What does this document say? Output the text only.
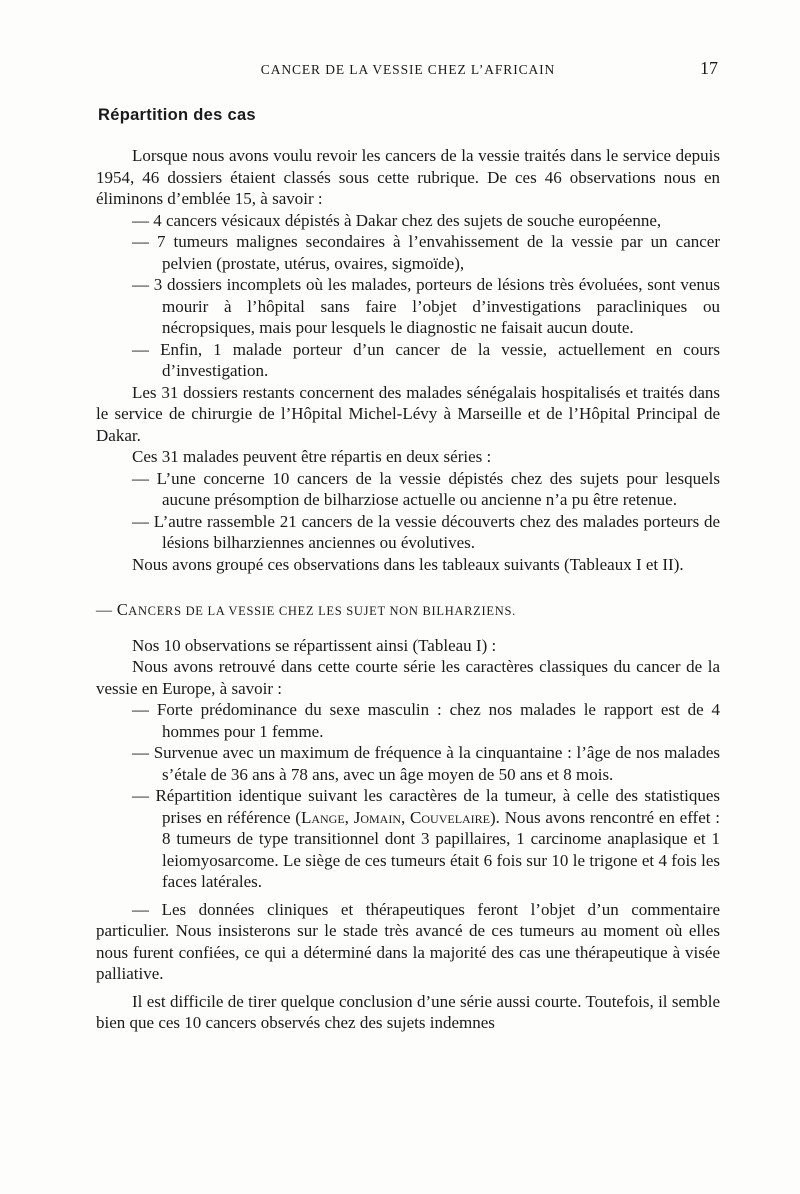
CANCER DE LA VESSIE CHEZ L’AFRICAIN	17
Répartition des cas

Lorsque nous avons voulu revoir les cancers de la vessie traités dans le service depuis 1954, 46 dossiers étaient classés sous cette rubrique. De ces 46 observations nous en éliminons d’emblée 15, à savoir :

— 4 cancers vésicaux dépistés à Dakar chez des sujets de souche européenne,

— 7 tumeurs malignes secondaires à l’envahissement de la vessie par un cancer pelvien (prostate, utérus, ovaires, sigmoïde),

— 3 dossiers incomplets où les malades, porteurs de lésions très évoluées, sont venus mourir à l’hôpital sans faire l’objet d’investigations paracliniques ou nécropsiques, mais pour lesquels le diagnostic ne faisait aucun doute.

— Enfin, 1 malade porteur d’un cancer de la vessie, actuellement en cours d’investigation.

Les 31 dossiers restants concernent des malades sénégalais hospitalisés et traités dans le service de chirurgie de l’Hôpital Michel-Lévy à Marseille et de l’Hôpital Principal de Dakar.

Ces 31 malades peuvent être répartis en deux séries :

— L’une concerne 10 cancers de la vessie dépistés chez des sujets pour lesquels aucune présomption de bilharziose actuelle ou ancienne n’a pu être retenue.

— L’autre rassemble 21 cancers de la vessie découverts chez des malades porteurs de lésions bilharziennes anciennes ou évolutives.

Nous avons groupé ces observations dans les tableaux suivants (Tableaux I et II).

— CANCERS DE LA VESSIE CHEZ LES SUJET NON BILHARZIENS.

Nos 10 observations se répartissent ainsi (Tableau I) :

Nous avons retrouvé dans cette courte série les caractères classiques du cancer de la vessie en Europe, à savoir :

— Forte prédominance du sexe masculin : chez nos malades le rapport est de 4 hommes pour 1 femme.

— Survenue avec un maximum de fréquence à la cinquantaine : l’âge de nos malades s’étale de 36 ans à 78 ans, avec un âge moyen de 50 ans et 8 mois.

— Répartition identique suivant les caractères de la tumeur, à celle des statistiques prises en référence (Lange, Jomain, Couvelaire). Nous avons rencontré en effet : 8 tumeurs de type transitionnel dont 3 papillaires, 1 carcinome anaplasique et 1 leiomyosarcome. Le siège de ces tumeurs était 6 fois sur 10 le trigone et 4 fois les faces latérales.

— Les données cliniques et thérapeutiques feront l’objet d’un commentaire particulier. Nous insisterons sur le stade très avancé de ces tumeurs au moment où elles nous furent confiées, ce qui a déterminé dans la majorité des cas une thérapeutique à visée palliative.

Il est difficile de tirer quelque conclusion d’une série aussi courte. Toutefois, il semble bien que ces 10 cancers observés chez des sujets indemnes
